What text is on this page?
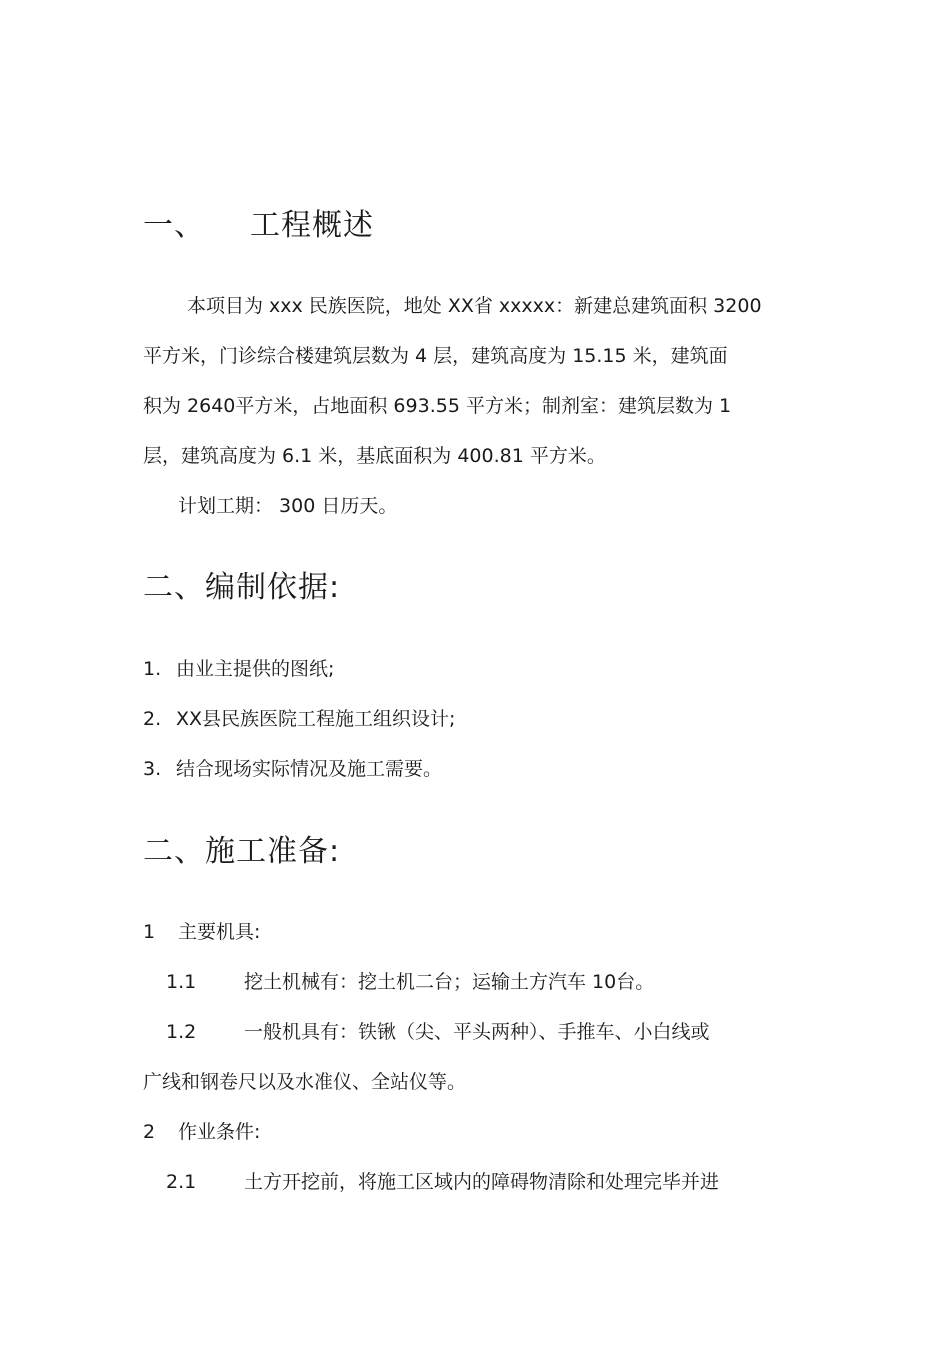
一、 工程概述
本项目为 xxx 民族医院，地处 XX省 xxxxx：新建总建筑面积 3200
平方米，门诊综合楼建筑层数为 4 层，建筑高度为 15.15 米，建筑面
积为 2640平方米，占地面积 693.55 平方米；制剂室：建筑层数为 1
层，建筑高度为 6.1 米，基底面积为 400.81 平方米。
计划工期： 300 日历天。
二、编制依据:
1. 由业主提供的图纸;
2. XX县民族医院工程施工组织设计;
3. 结合现场实际情况及施工需要。
二、施工准备:
1 主要机具:
1.1	挖土机械有：挖土机二台；运输土方汽车 10台。
1.2	一般机具有：铁锹（尖、平头两种）、手推车、小白线或
广线和钢卷尺以及水准仪、全站仪等。
2 作业条件:
2.1	土方开挖前，将施工区域内的障碍物清除和处理完毕并进
